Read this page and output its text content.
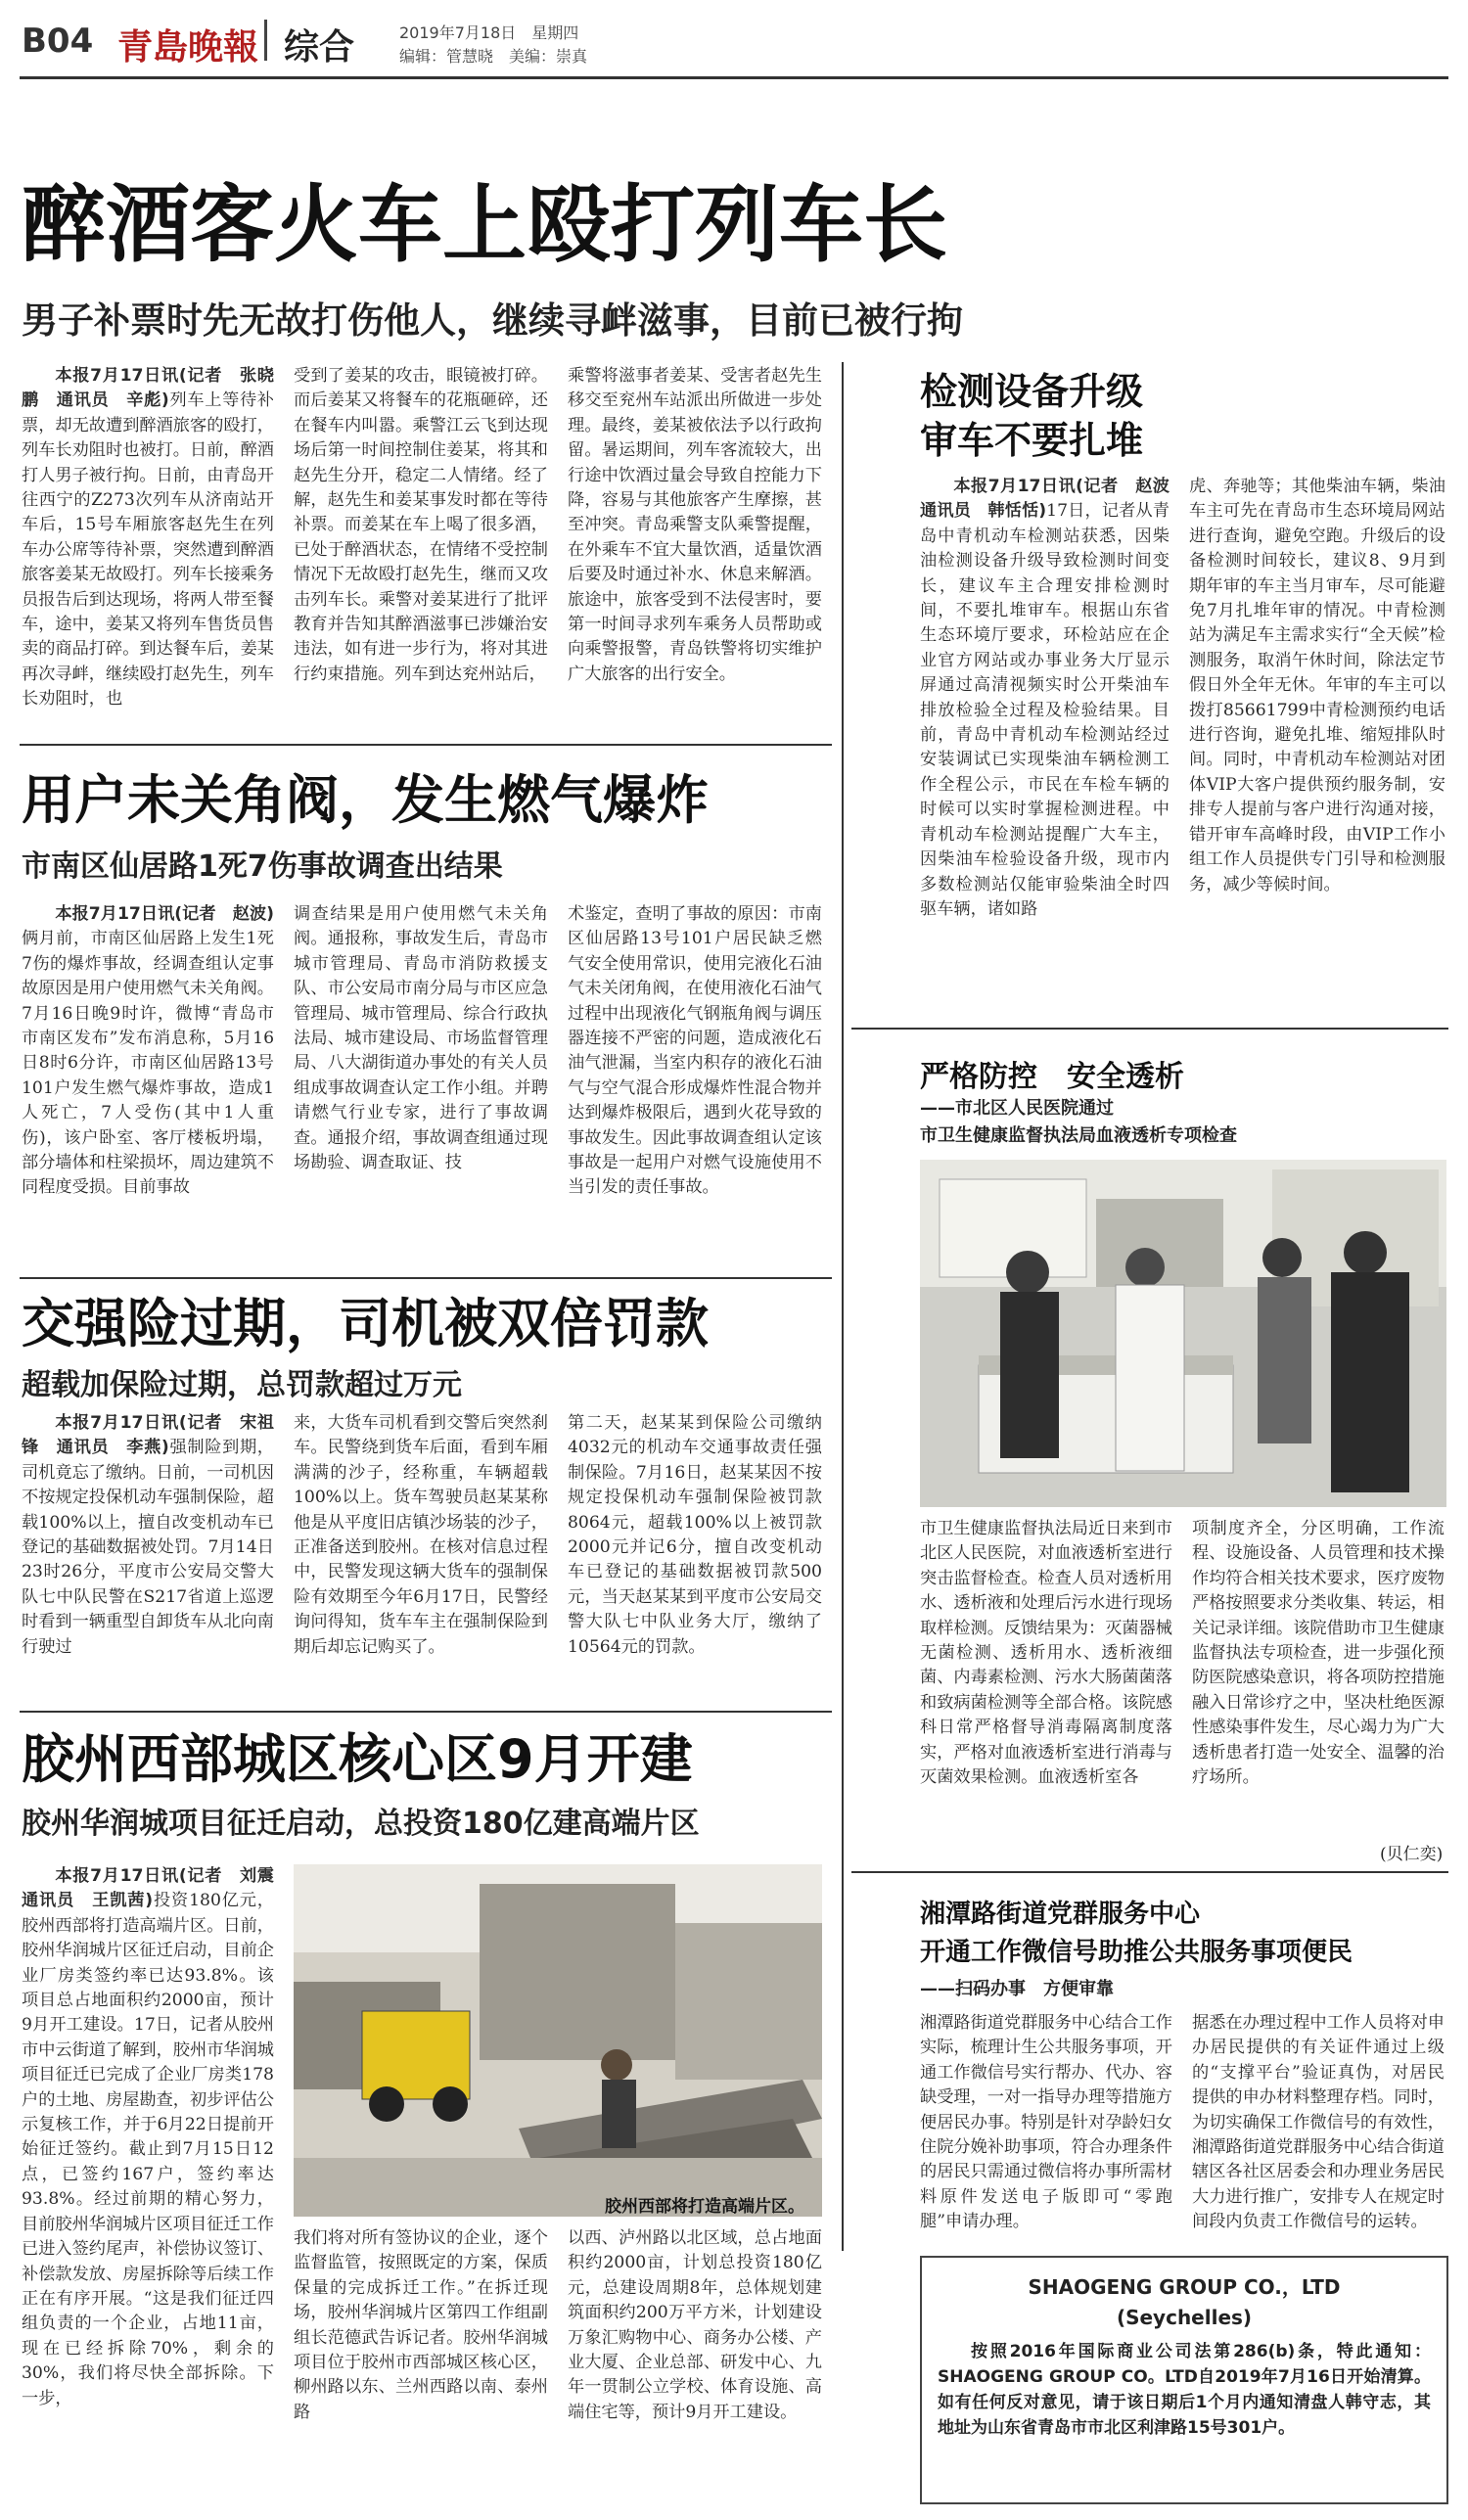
B04 青島晚報 综合	2019年7月18日　星期四
编辑：管慧晓　美编：崇真
醉酒客火车上殴打列车长
男子补票时先无故打伤他人，继续寻衅滋事，目前已被行拘

本报7月17日讯(记者　张晓鹏　通讯员　辛彪)列车上等待补票，却无故遭到醉酒旅客的殴打，列车长劝阻时也被打。日前，醉酒打人男子被行拘。日前，由青岛开往西宁的Z273次列车从济南站开车后，15号车厢旅客赵先生在列车办公席等待补票，突然遭到醉酒旅客姜某无故殴打。列车长接乘务员报告后到达现场，将两人带至餐车，途中，姜某又将列车售货员售卖的商品打碎。到达餐车后，姜某再次寻衅，继续殴打赵先生，列车长劝阻时，也

受到了姜某的攻击，眼镜被打碎。而后姜某又将餐车的花瓶砸碎，还在餐车内叫嚣。乘警江云飞到达现场后第一时间控制住姜某，将其和赵先生分开，稳定二人情绪。经了解，赵先生和姜某事发时都在等待补票。而姜某在车上喝了很多酒，已处于醉酒状态，在情绪不受控制情况下无故殴打赵先生，继而又攻击列车长。乘警对姜某进行了批评教育并告知其醉酒滋事已涉嫌治安违法，如有进一步行为，将对其进行约束措施。列车到达兖州站后，
乘警将滋事者姜某、受害者赵先生移交至兖州车站派出所做进一步处理。最终，姜某被依法予以行政拘留。暑运期间，列车客流较大，出行途中饮酒过量会导致自控能力下降，容易与其他旅客产生摩擦，甚至冲突。青岛乘警支队乘警提醒，在外乘车不宜大量饮酒，适量饮酒后要及时通过补水、休息来解酒。旅途中，旅客受到不法侵害时，要第一时间寻求列车乘务人员帮助或向乘警报警，青岛铁警将切实维护广大旅客的出行安全。
检测设备升级
审车不要扎堆

本报7月17日讯(记者　赵波　通讯员　韩恬恬)17日，记者从青岛中青机动车检测站获悉，因柴油检测设备升级导致检测时间变长，建议车主合理安排检测时间，不要扎堆审车。根据山东省生态环境厅要求，环检站应在企业官方网站或办事业务大厅显示屏通过高清视频实时公开柴油车排放检验全过程及检验结果。目前，青岛中青机动车检测站经过安装调试已实现柴油车辆检测工作全程公示，市民在车检车辆的时候可以实时掌握检测进程。中青机动车检测站提醒广大车主，因柴油车检验设备升级，现市内多数检测站仅能审验柴油全时四驱车辆，诸如路

虎、奔驰等；其他柴油车辆，柴油车主可先在青岛市生态环境局网站进行查询，避免空跑。升级后的设备检测时间较长，建议8、9月到期年审的车主当月审车，尽可能避免7月扎堆年审的情况。中青检测站为满足车主需求实行“全天候”检测服务，取消午休时间，除法定节假日外全年无休。年审的车主可以拨打85661799中青检测预约电话进行咨询，避免扎堆、缩短排队时间。同时，中青机动车检测站对团体VIP大客户提供预约服务制，安排专人提前与客户进行沟通对接，错开审车高峰时段，由VIP工作小组工作人员提供专门引导和检测服务，减少等候时间。
用户未关角阀，发生燃气爆炸
市南区仙居路1死7伤事故调查出结果

本报7月17日讯(记者　赵波)俩月前，市南区仙居路上发生1死7伤的爆炸事故，经调查组认定事故原因是用户使用燃气未关角阀。7月16日晚9时许，微博“青岛市市南区发布”发布消息称，5月16日8时6分许，市南区仙居路13号101户发生燃气爆炸事故，造成1人死亡，7人受伤(其中1人重伤)，该户卧室、客厅楼板坍塌，部分墙体和柱梁损坏，周边建筑不同程度受损。目前事故

调查结果是用户使用燃气未关角阀。通报称，事故发生后，青岛市城市管理局、青岛市消防救援支队、市公安局市南分局与市区应急管理局、城市管理局、综合行政执法局、城市建设局、市场监督管理局、八大湖街道办事处的有关人员组成事故调查认定工作小组。并聘请燃气行业专家，进行了事故调查。通报介绍，事故调查组通过现场勘验、调查取证、技
术鉴定，查明了事故的原因：市南区仙居路13号101户居民缺乏燃气安全使用常识，使用完液化石油气未关闭角阀，在使用液化石油气过程中出现液化气钢瓶角阀与调压器连接不严密的问题，造成液化石油气泄漏，当室内积存的液化石油气与空气混合形成爆炸性混合物并达到爆炸极限后，遇到火花导致的事故发生。因此事故调查组认定该事故是一起用户对燃气设施使用不当引发的责任事故。
严格防控　安全透析
——市北区人民医院通过
市卫生健康监督执法局血液透析专项检查
市卫生健康监督执法局近日来到市北区人民医院，对血液透析室进行突击监督检查。检查人员对透析用水、透析液和处理后污水进行现场取样检测。反馈结果为：灭菌器械无菌检测、透析用水、透析液细菌、内毒素检测、污水大肠菌菌落和致病菌检测等全部合格。该院感科日常严格督导消毒隔离制度落实，严格对血液透析室进行消毒与灭菌效果检测。血液透析室各
项制度齐全，分区明确，工作流程、设施设备、人员管理和技术操作均符合相关技术要求，医疗废物严格按照要求分类收集、转运，相关记录详细。该院借助市卫生健康监督执法专项检查，进一步强化预防医院感染意识，将各项防控措施融入日常诊疗之中，坚决杜绝医源性感染事件发生，尽心竭力为广大透析患者打造一处安全、温馨的治疗场所。
(贝仁奕)
交强险过期，司机被双倍罚款
超载加保险过期，总罚款超过万元

本报7月17日讯(记者　宋祖锋　通讯员　李燕)强制险到期，司机竟忘了缴纳。日前，一司机因不按规定投保机动车强制保险，超载100%以上，擅自改变机动车已登记的基础数据被处罚。7月14日23时26分，平度市公安局交警大队七中队民警在S217省道上巡逻时看到一辆重型自卸货车从北向南行驶过

来，大货车司机看到交警后突然刹车。民警绕到货车后面，看到车厢满满的沙子，经称重，车辆超载100%以上。货车驾驶员赵某某称他是从平度旧店镇沙场装的沙子，正准备送到胶州。在核对信息过程中，民警发现这辆大货车的强制保险有效期至今年6月17日，民警经询问得知，货车车主在强制保险到期后却忘记购买了。
第二天，赵某某到保险公司缴纳4032元的机动车交通事故责任强制保险。7月16日，赵某某因不按规定投保机动车强制保险被罚款8064元，超载100%以上被罚款2000元并记6分，擅自改变机动车已登记的基础数据被罚款500元，当天赵某某到平度市公安局交警大队七中队业务大厅，缴纳了10564元的罚款。
胶州西部城区核心区9月开建
胶州华润城项目征迁启动，总投资180亿建高端片区

本报7月17日讯(记者　刘震　通讯员　王凯茜)投资180亿元，胶州西部将打造高端片区。日前，胶州华润城片区征迁启动，目前企业厂房类签约率已达93.8%。该项目总占地面积约2000亩，预计9月开工建设。17日，记者从胶州市中云街道了解到，胶州市华润城项目征迁已完成了企业厂房类178户的土地、房屋勘查，初步评估公示复核工作，并于6月22日提前开始征迁签约。截止到7月15日12点，已签约167户，签约率达93.8%。经过前期的精心努力，目前胶州华润城片区项目征迁工作已进入签约尾声，补偿协议签订、补偿款发放、房屋拆除等后续工作正在有序开展。“这是我们征迁四组负责的一个企业，占地11亩，现在已经拆除70%，剩余的30%，我们将尽快全部拆除。下一步，

胶州西部将打造高端片区。
我们将对所有签协议的企业，逐个监督监管，按照既定的方案，保质保量的完成拆迁工作。”在拆迁现场，胶州华润城片区第四工作组副组长范德武告诉记者。胶州华润城项目位于胶州市西部城区核心区，柳州路以东、兰州西路以南、泰州路
以西、泸州路以北区域，总占地面积约2000亩，计划总投资180亿元，总建设周期8年，总体规划建筑面积约200万平方米，计划建设万象汇购物中心、商务办公楼、产业大厦、企业总部、研发中心、九年一贯制公立学校、体育设施、高端住宅等，预计9月开工建设。
湘潭路街道党群服务中心
开通工作微信号助推公共服务事项便民
——扫码办事　方便审靠
湘潭路街道党群服务中心结合工作实际，梳理计生公共服务事项，开通工作微信号实行帮办、代办、容缺受理，一对一指导办理等措施方便居民办事。特别是针对孕龄妇女住院分娩补助事项，符合办理条件的居民只需通过微信将办事所需材料原件发送电子版即可“零跑腿”申请办理。
据悉在办理过程中工作人员将对申办居民提供的有关证件通过上级的“支撑平台”验证真伪，对居民提供的申办材料整理存档。同时，为切实确保工作微信号的有效性，湘潭路街道党群服务中心结合街道辖区各社区居委会和办理业务居民大力进行推广，安排专人在规定时间段内负责工作微信号的运转。
SHAOGENG GROUP CO.，LTD
(Seychelles)
按照2016年国际商业公司法第286(b)条，特此通知：SHAOGENG GROUP CO。LTD自2019年7月16日开始清算。如有任何反对意见，请于该日期后1个月内通知清盘人韩守志，其地址为山东省青岛市市北区利津路15号301户。
